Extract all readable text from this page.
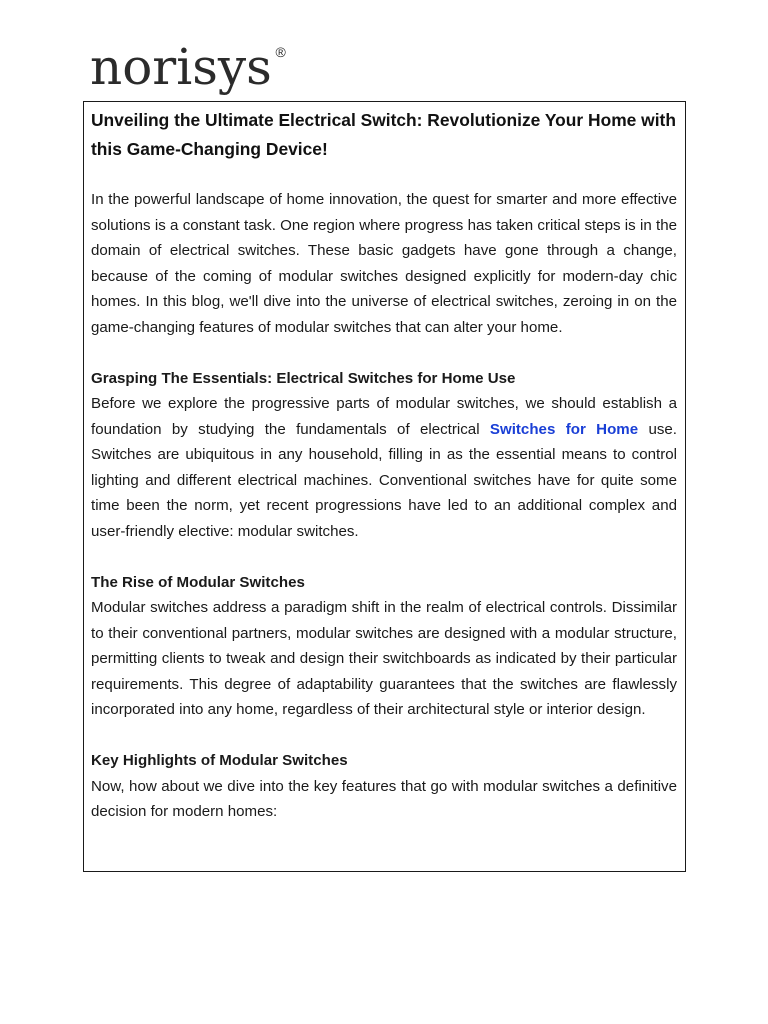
norisys ®
Unveiling the Ultimate Electrical Switch: Revolutionize Your Home with this Game-Changing Device!

In the powerful landscape of home innovation, the quest for smarter and more effective solutions is a constant task. One region where progress has taken critical steps is in the domain of electrical switches. These basic gadgets have gone through a change, because of the coming of modular switches designed explicitly for modern-day chic homes. In this blog, we'll dive into the universe of electrical switches, zeroing in on the game-changing features of modular switches that can alter your home.

Grasping The Essentials: Electrical Switches for Home Use

Before we explore the progressive parts of modular switches, we should establish a foundation by studying the fundamentals of electrical Switches for Home use. Switches are ubiquitous in any household, filling in as the essential means to control lighting and different electrical machines. Conventional switches have for quite some time been the norm, yet recent progressions have led to an additional complex and user-friendly elective: modular switches.

The Rise of Modular Switches

Modular switches address a paradigm shift in the realm of electrical controls. Dissimilar to their conventional partners, modular switches are designed with a modular structure, permitting clients to tweak and design their switchboards as indicated by their particular requirements. This degree of adaptability guarantees that the switches are flawlessly incorporated into any home, regardless of their architectural style or interior design.

Key Highlights of Modular Switches

Now, how about we dive into the key features that go with modular switches a definitive decision for modern homes:
